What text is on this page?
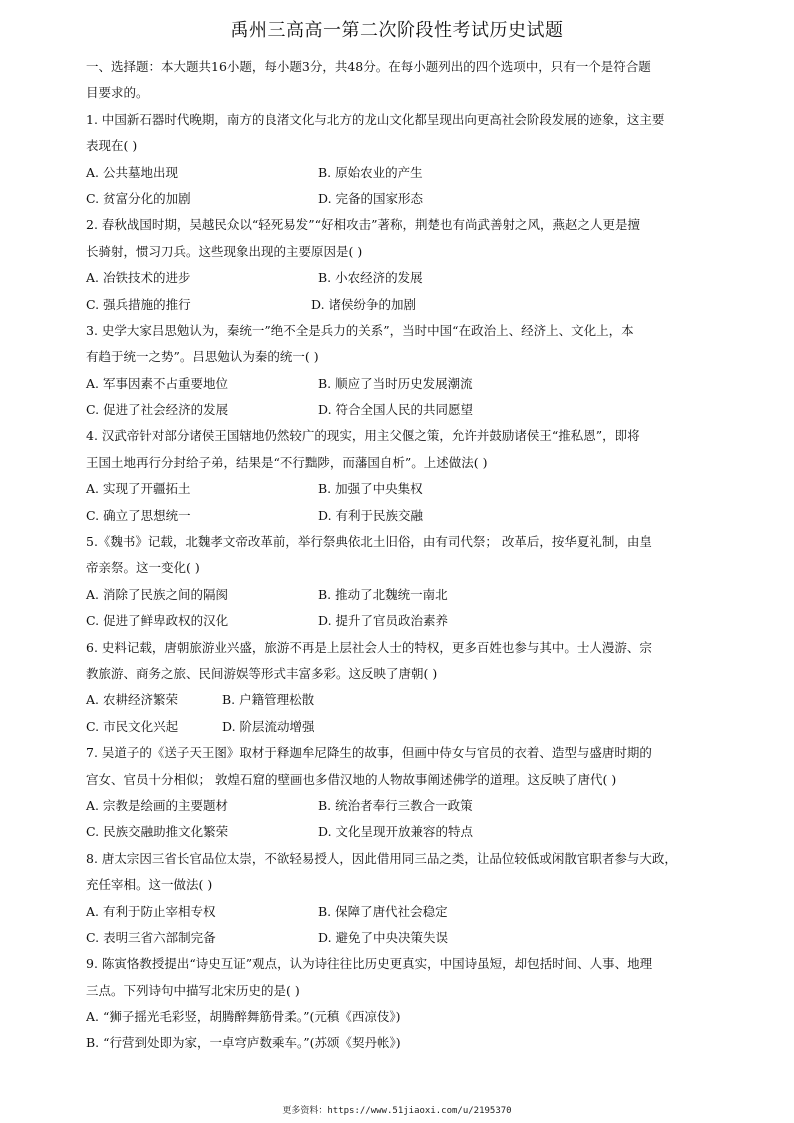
禹州三高高一第二次阶段性考试历史试题
一、选择题：本大题共16小题，每小题3分，共48分。在每小题列出的四个选项中，只有一个是符合题
目要求的。
1. 中国新石器时代晚期，南方的良渚文化与北方的龙山文化都呈现出向更高社会阶段发展的迹象，这主要
表现在( )
A. 公共墓地出现	B. 原始农业的产生
C. 贫富分化的加剧	D. 完备的国家形态
2. 春秋战国时期，吴越民众以“轻死易发”“好相攻击”著称，荆楚也有尚武善射之风，燕赵之人更是擅
长骑射，惯习刀兵。这些现象出现的主要原因是( )
A. 冶铁技术的进步	B. 小农经济的发展
C. 强兵措施的推行	D. 诸侯纷争的加剧
3. 史学大家吕思勉认为，秦统一”绝不全是兵力的关系”，当时中国“在政治上、经济上、文化上，本
有趋于统一之势”。吕思勉认为秦的统一( )
A. 军事因素不占重要地位	B. 顺应了当时历史发展潮流
C. 促进了社会经济的发展	D. 符合全国人民的共同愿望
4. 汉武帝针对部分诸侯王国辖地仍然较广的现实，用主父偃之策，允许并鼓励诸侯王“推私恩”，即将
王国土地再行分封给子弟，结果是“不行黜陟，而藩国自析”。上述做法( )
A. 实现了开疆拓土	B. 加强了中央集权
C. 确立了思想统一	D. 有利于民族交融
5.《魏书》记载，北魏孝文帝改革前，举行祭典依北土旧俗，由有司代祭； 改革后，按华夏礼制，由皇
帝亲祭。这一变化( )
A. 消除了民族之间的隔阂	B. 推动了北魏统一南北
C. 促进了鲜卑政权的汉化	D. 提升了官员政治素养
6. 史料记载，唐朝旅游业兴盛，旅游不再是上层社会人士的特权，更多百姓也参与其中。士人漫游、宗
教旅游、商务之旅、民间游娱等形式丰富多彩。这反映了唐朝( )
A. 农耕经济繁荣	B. 户籍管理松散
C. 市民文化兴起	D. 阶层流动增强
7. 吴道子的《送子天王图》取材于释迦牟尼降生的故事，但画中侍女与官员的衣着、造型与盛唐时期的
宫女、官员十分相似； 敦煌石窟的壁画也多借汉地的人物故事阐述佛学的道理。这反映了唐代( )
A. 宗教是绘画的主要题材	B. 统治者奉行三教合一政策
C. 民族交融助推文化繁荣	D. 文化呈现开放兼容的特点
8. 唐太宗因三省长官品位太崇，不欲轻易授人，因此借用同三品之类，让品位较低或闲散官职者参与大政，
充任宰相。这一做法( )
A. 有利于防止宰相专权	B. 保障了唐代社会稳定
C. 表明三省六部制完备	D. 避免了中央决策失误
9. 陈寅恪教授提出“诗史互证”观点，认为诗往往比历史更真实，中国诗虽短，却包括时间、人事、地理
三点。下列诗句中描写北宋历史的是( )
A. “狮子摇光毛彩竖，胡腾醉舞筋骨柔。”(元稹《西凉伎》)
B. “行营到处即为家，一卓穹庐数乘车。”(苏颂《契丹帐》)
更多资料：https://www.51jiaoxi.com/u/2195370
